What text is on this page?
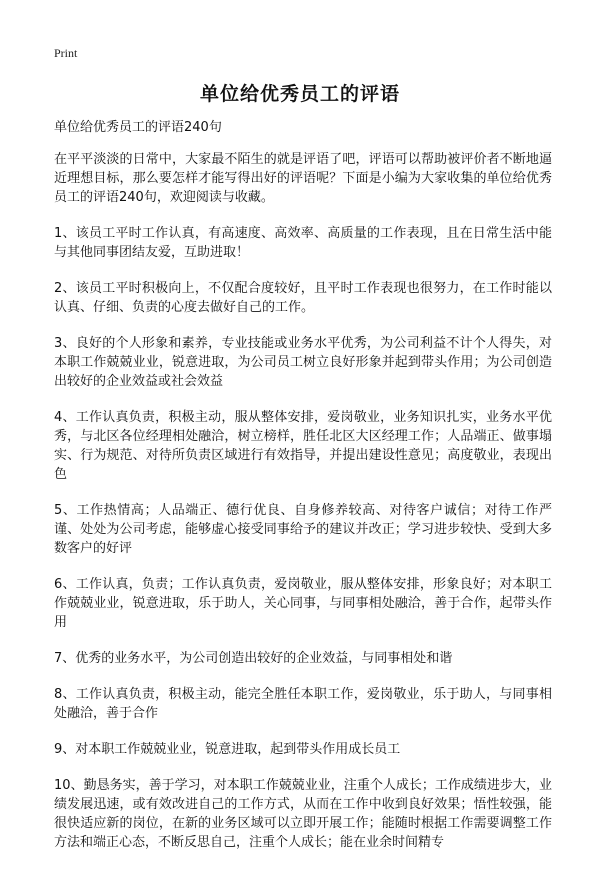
Print
单位给优秀员工的评语

单位给优秀员工的评语240句

在平平淡淡的日常中，大家最不陌生的就是评语了吧，评语可以帮助被评价者不断地逼近理想目标，那么要怎样才能写得出好的评语呢？下面是小编为大家收集的单位给优秀员工的评语240句，欢迎阅读与收藏。

1、该员工平时工作认真，有高速度、高效率、高质量的工作表现，且在日常生活中能与其他同事团结友爱，互助进取！

2、该员工平时积极向上，不仅配合度较好，且平时工作表现也很努力，在工作时能以认真、仔细、负责的心度去做好自己的工作。

3、良好的个人形象和素养，专业技能或业务水平优秀，为公司利益不计个人得失，对本职工作兢兢业业，锐意进取，为公司员工树立良好形象并起到带头作用；为公司创造出较好的企业效益或社会效益

4、工作认真负责，积极主动，服从整体安排，爱岗敬业，业务知识扎实，业务水平优秀，与北区各位经理相处融洽，树立榜样，胜任北区大区经理工作；人品端正、做事塌实、行为规范、对待所负责区域进行有效指导，并提出建设性意见；高度敬业，表现出色

5、工作热情高；人品端正、德行优良、自身修养较高、对待客户诚信；对待工作严谨、处处为公司考虑，能够虚心接受同事给予的建议并改正；学习进步较快、受到大多数客户的好评

6、工作认真，负责；工作认真负责，爱岗敬业，服从整体安排，形象良好；对本职工作兢兢业业，锐意进取，乐于助人，关心同事，与同事相处融洽，善于合作，起带头作用

7、优秀的业务水平，为公司创造出较好的企业效益，与同事相处和谐

8、工作认真负责，积极主动，能完全胜任本职工作，爱岗敬业，乐于助人，与同事相处融洽，善于合作

9、对本职工作兢兢业业，锐意进取，起到带头作用成长员工

10、勤恳务实，善于学习，对本职工作兢兢业业，注重个人成长；工作成绩进步大，业绩发展迅速，或有效改进自己的工作方式，从而在工作中收到良好效果；悟性较强，能很快适应新的岗位，在新的业务区域可以立即开展工作；能随时根据工作需要调整工作方法和端正心态，不断反思自己，注重个人成长；能在业余时间精专
